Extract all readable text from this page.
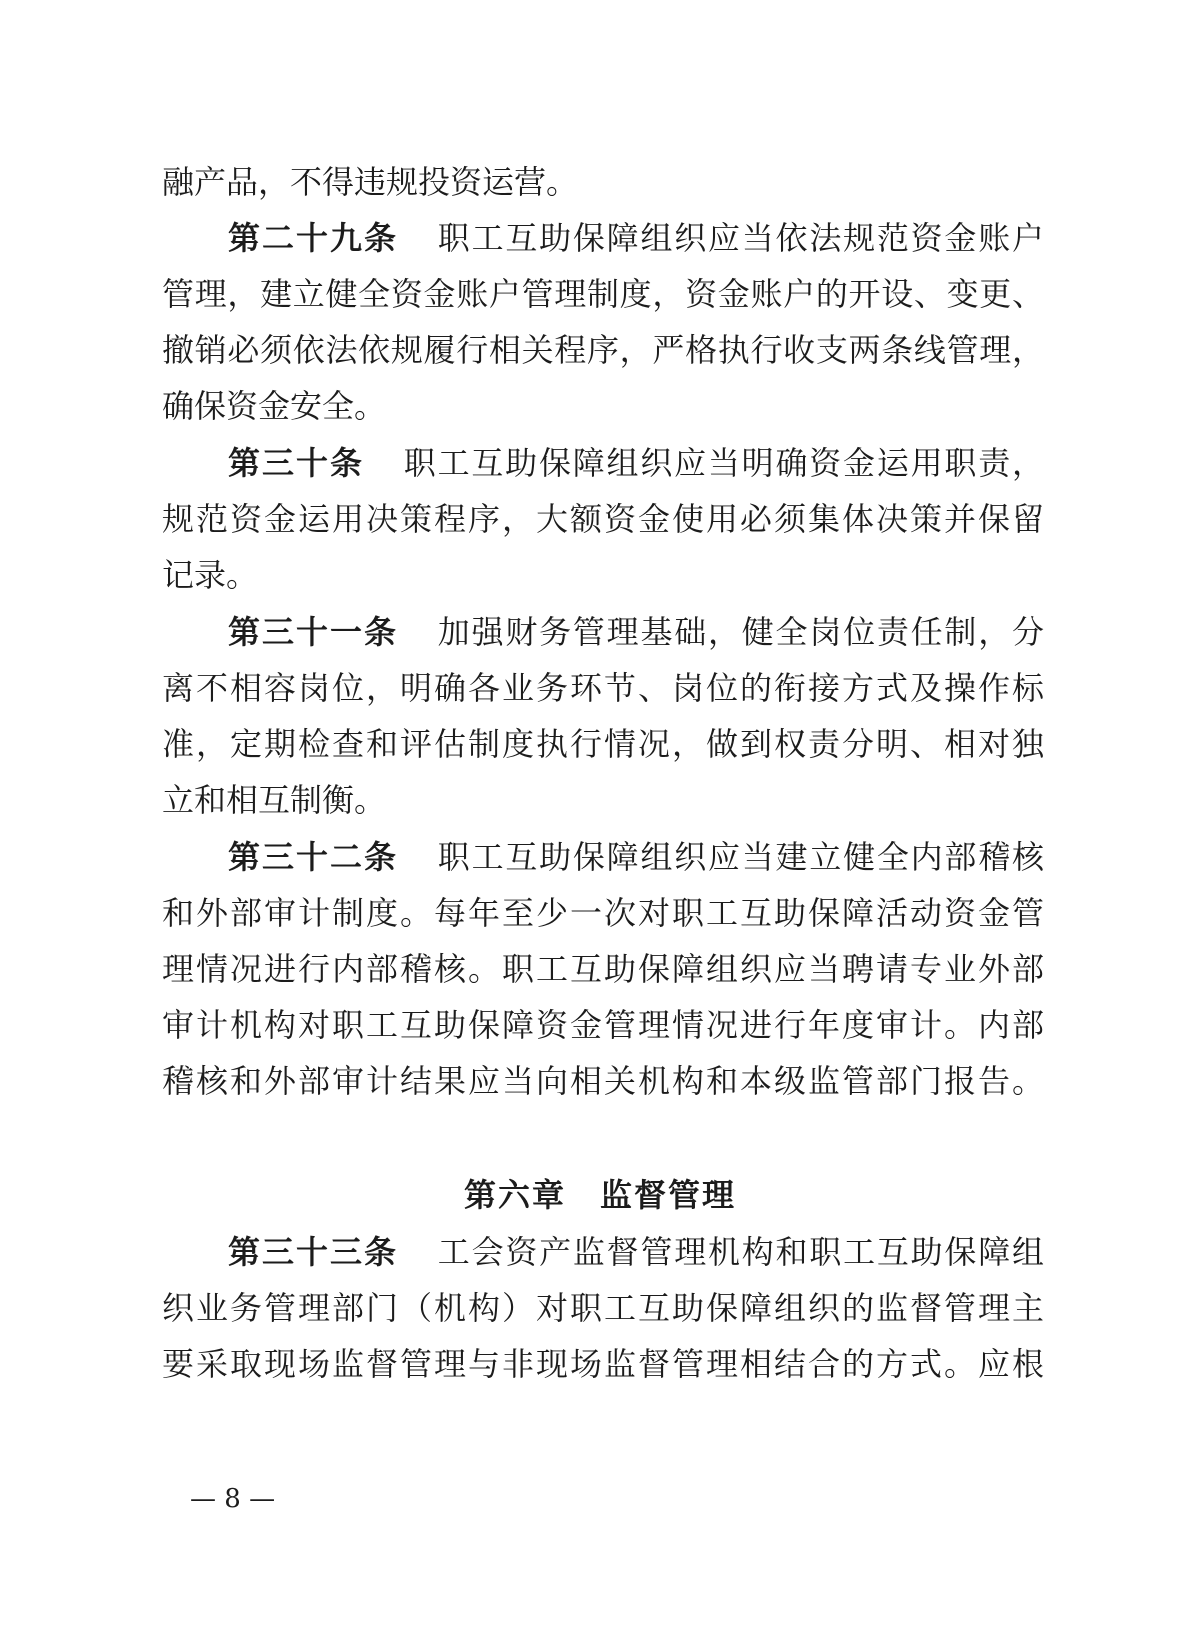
融产品，不得违规投资运营。
第二十九条 职工互助保障组织应当依法规范资金账户
管理，建立健全资金账户管理制度，资金账户的开设、变更、
撤销必须依法依规履行相关程序，严格执行收支两条线管理，
确保资金安全。
第三十条 职工互助保障组织应当明确资金运用职责，
规范资金运用决策程序，大额资金使用必须集体决策并保留
记录。
第三十一条 加强财务管理基础，健全岗位责任制，分
离不相容岗位，明确各业务环节、岗位的衔接方式及操作标
准，定期检查和评估制度执行情况，做到权责分明、相对独
立和相互制衡。
第三十二条 职工互助保障组织应当建立健全内部稽核
和外部审计制度。每年至少一次对职工互助保障活动资金管
理情况进行内部稽核。职工互助保障组织应当聘请专业外部
审计机构对职工互助保障资金管理情况进行年度审计。内部
稽核和外部审计结果应当向相关机构和本级监管部门报告。
第六章　监督管理
第三十三条 工会资产监督管理机构和职工互助保障组
织业务管理部门（机构）对职工互助保障组织的监督管理主
要采取现场监督管理与非现场监督管理相结合的方式。应根
— 8 —
